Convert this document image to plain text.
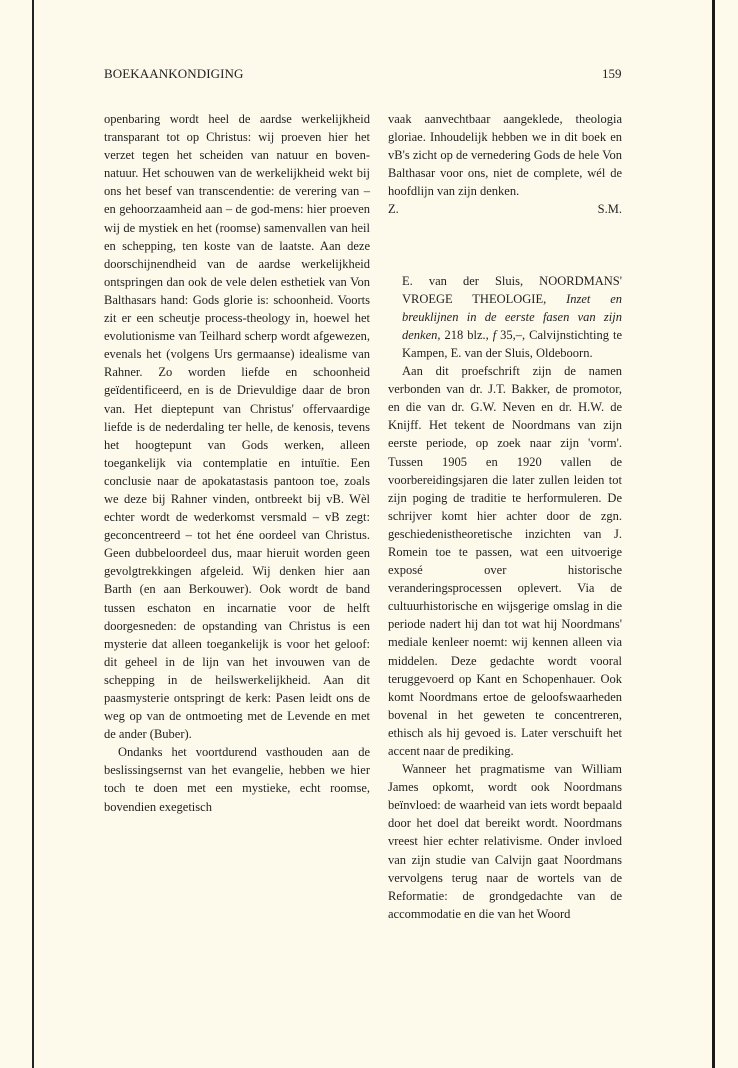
BOEKAANKONDIGING	159

openbaring wordt heel de aardse werkelijkheid transparant tot op Christus: wij proeven hier het verzet tegen het scheiden van natuur en boven-natuur. Het schouwen van de werkelijkheid wekt bij ons het besef van transcendentie: de verering van – en gehoorzaamheid aan – de god-mens: hier proeven wij de mystiek en het (roomse) samenvallen van heil en schepping, ten koste van de laatste. Aan deze doorschijnendheid van de aardse werkelijkheid ontspringen dan ook de vele delen esthetiek van Von Balthasars hand: Gods glorie is: schoonheid. Voorts zit er een scheutje process-theology in, hoewel het evolutionisme van Teilhard scherp wordt afgewezen, evenals het (volgens Urs germaanse) idealisme van Rahner. Zo worden liefde en schoonheid geïdentificeerd, en is de Drievuldige daar de bron van. Het dieptepunt van Christus' offervaardige liefde is de nederdaling ter helle, de kenosis, tevens het hoogtepunt van Gods werken, alleen toegankelijk via contemplatie en intuïtie. Een conclusie naar de apokatastasis pantoon toe, zoals we deze bij Rahner vinden, ontbreekt bij vB. Wèl echter wordt de wederkomst versmald – vB zegt: geconcentreerd – tot het éne oordeel van Christus. Geen dubbeloordeel dus, maar hieruit worden geen gevolgtrekkingen afgeleid. Wij denken hier aan Barth (en aan Berkouwer). Ook wordt de band tussen eschaton en incarnatie voor de helft doorgesneden: de opstanding van Christus is een mysterie dat alleen toegankelijk is voor het geloof: dit geheel in de lijn van het invouwen van de schepping in de heilswerkelijkheid. Aan dit paasmysterie ontspringt de kerk: Pasen leidt ons de weg op van de ontmoeting met de Levende en met de ander (Buber).

Ondanks het voortdurend vasthouden aan de beslissingsernst van het evangelie, hebben we hier toch te doen met een mystieke, echt roomse, bovendien exegetisch

vaak aanvechtbaar aangeklede, theologia gloriae. Inhoudelijk hebben we in dit boek en vB's zicht op de vernedering Gods de hele Von Balthasar voor ons, niet de complete, wél de hoofdlijn van zijn denken.

Z.	S.M.

E. van der Sluis, NOORDMANS' VROEGE THEOLOGIE, Inzet en breuklijnen in de eerste fasen van zijn denken, 218 blz., f 35,–, Calvijnstichting te Kampen, E. van der Sluis, Oldeboorn.

Aan dit proefschrift zijn de namen verbonden van dr. J.T. Bakker, de promotor, en die van dr. G.W. Neven en dr. H.W. de Knijff. Het tekent de Noordmans van zijn eerste periode, op zoek naar zijn 'vorm'. Tussen 1905 en 1920 vallen de voorbereidingsjaren die later zullen leiden tot zijn poging de traditie te herformuleren. De schrijver komt hier achter door de zgn. geschiedenistheoretische inzichten van J. Romein toe te passen, wat een uitvoerige exposé over historische veranderingsprocessen oplevert. Via de cultuurhistorische en wijsgerige omslag in die periode nadert hij dan tot wat hij Noordmans' mediale kenleer noemt: wij kennen alleen via middelen. Deze gedachte wordt vooral teruggevoerd op Kant en Schopenhauer. Ook komt Noordmans ertoe de geloofswaarheden bovenal in het geweten te concentreren, ethisch als hij gevoed is. Later verschuift het accent naar de prediking.

Wanneer het pragmatisme van William James opkomt, wordt ook Noordmans beïnvloed: de waarheid van iets wordt bepaald door het doel dat bereikt wordt. Noordmans vreest hier echter relativisme. Onder invloed van zijn studie van Calvijn gaat Noordmans vervolgens terug naar de wortels van de Reformatie: de grondgedachte van de accommodatie en die van het Woord
